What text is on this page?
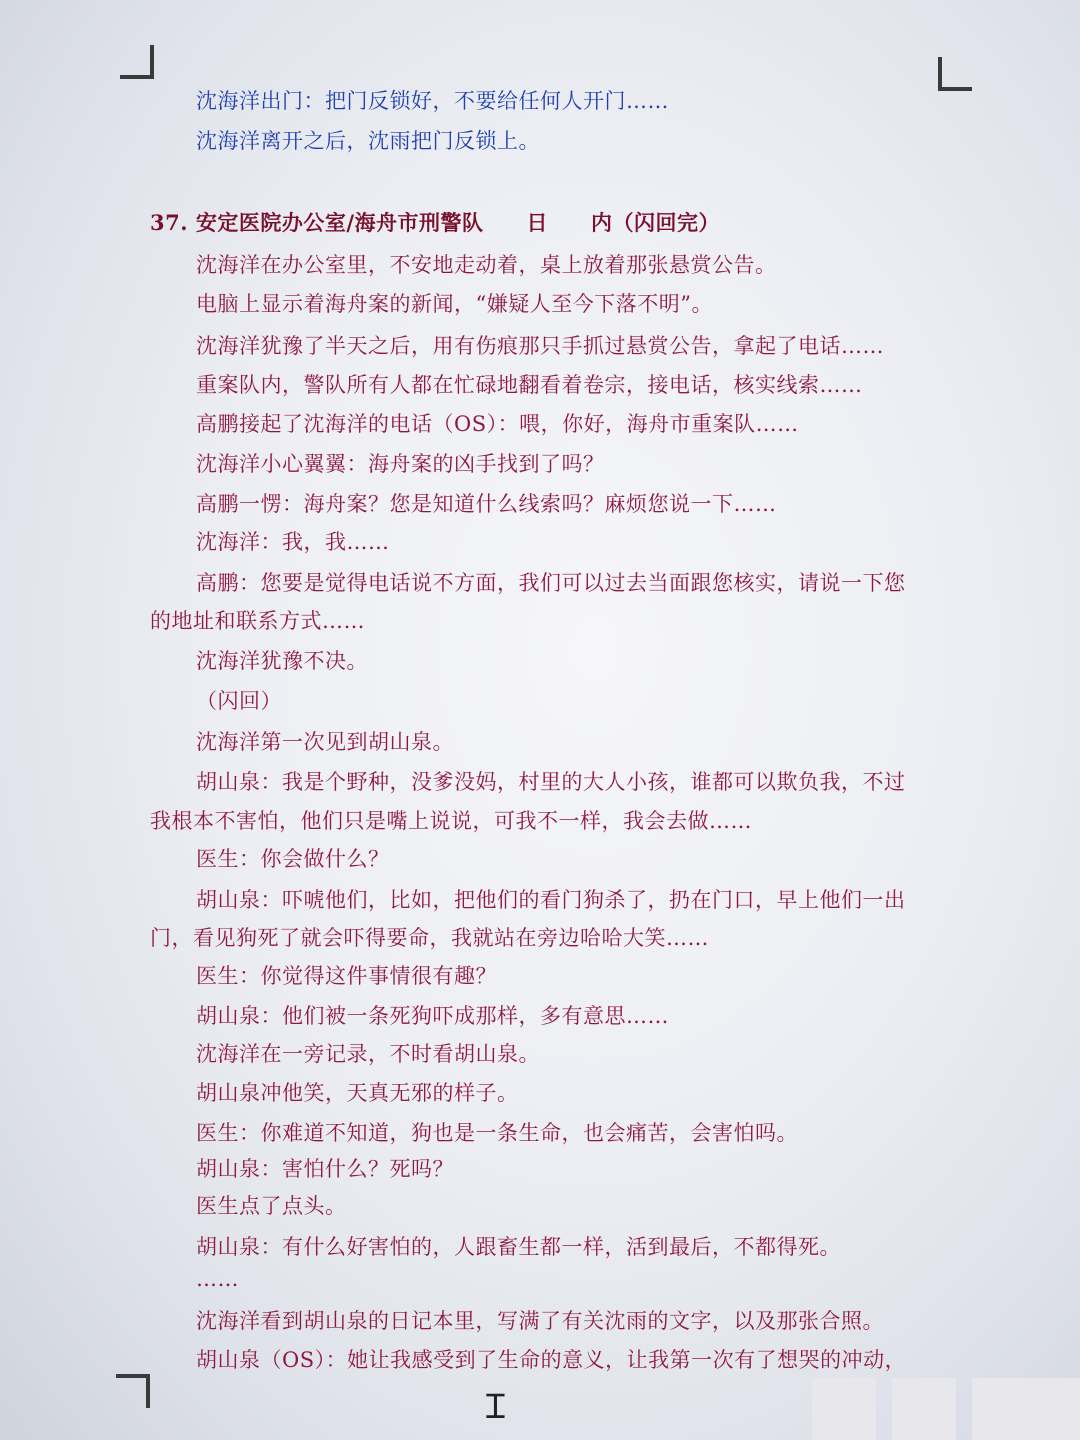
沈海洋出门：把门反锁好，不要给任何人开门……
沈海洋离开之后，沈雨把门反锁上。
37. 安定医院办公室/海舟市刑警队　　日　　内（闪回完）
沈海洋在办公室里，不安地走动着，桌上放着那张悬赏公告。
电脑上显示着海舟案的新闻，“嫌疑人至今下落不明”。
沈海洋犹豫了半天之后，用有伤痕那只手抓过悬赏公告，拿起了电话……
重案队内，警队所有人都在忙碌地翻看着卷宗，接电话，核实线索……
高鹏接起了沈海洋的电话（OS）：喂，你好，海舟市重案队……
沈海洋小心翼翼：海舟案的凶手找到了吗？
高鹏一愣：海舟案？您是知道什么线索吗？麻烦您说一下……
沈海洋：我，我……
高鹏：您要是觉得电话说不方面，我们可以过去当面跟您核实，请说一下您
的地址和联系方式……
沈海洋犹豫不决。
（闪回）
沈海洋第一次见到胡山泉。
胡山泉：我是个野种，没爹没妈，村里的大人小孩，谁都可以欺负我，不过
我根本不害怕，他们只是嘴上说说，可我不一样，我会去做……
医生：你会做什么？
胡山泉：吓唬他们，比如，把他们的看门狗杀了，扔在门口，早上他们一出
门，看见狗死了就会吓得要命，我就站在旁边哈哈大笑……
医生：你觉得这件事情很有趣？
胡山泉：他们被一条死狗吓成那样，多有意思……
沈海洋在一旁记录，不时看胡山泉。
胡山泉冲他笑，天真无邪的样子。
医生：你难道不知道，狗也是一条生命，也会痛苦，会害怕吗。
胡山泉：害怕什么？死吗？
医生点了点头。
胡山泉：有什么好害怕的，人跟畜生都一样，活到最后，不都得死。
……
沈海洋看到胡山泉的日记本里，写满了有关沈雨的文字，以及那张合照。
胡山泉（OS）：她让我感受到了生命的意义，让我第一次有了想哭的冲动，
Ɪ
